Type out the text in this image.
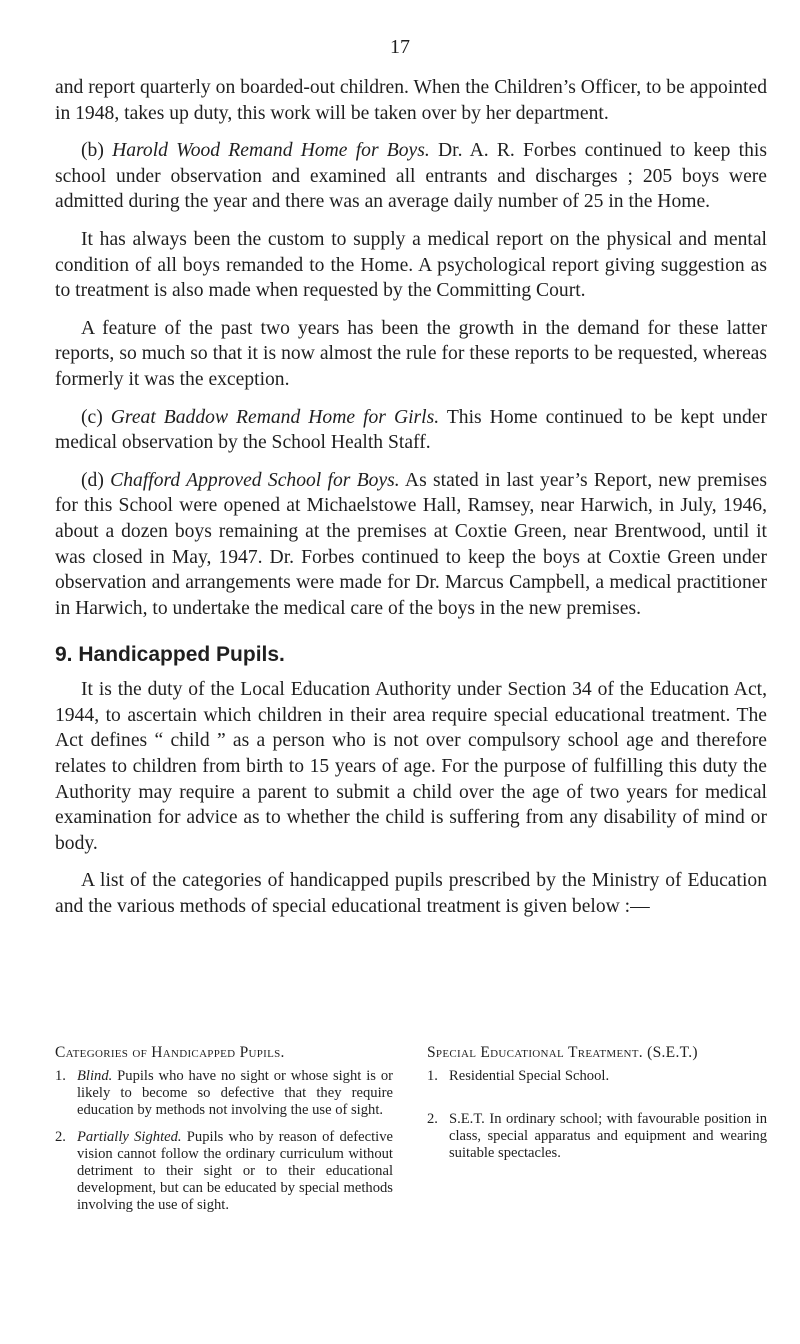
17

and report quarterly on boarded-out children. When the Children’s Officer, to be appointed in 1948, takes up duty, this work will be taken over by her department.

(b) Harold Wood Remand Home for Boys. Dr. A. R. Forbes continued to keep this school under observation and examined all entrants and discharges ; 205 boys were admitted during the year and there was an average daily number of 25 in the Home.

It has always been the custom to supply a medical report on the physical and mental condition of all boys remanded to the Home. A psychological report giving suggestion as to treatment is also made when requested by the Committing Court.

A feature of the past two years has been the growth in the demand for these latter reports, so much so that it is now almost the rule for these reports to be requested, whereas formerly it was the exception.

(c) Great Baddow Remand Home for Girls. This Home continued to be kept under medical observation by the School Health Staff.

(d) Chafford Approved School for Boys. As stated in last year’s Report, new premises for this School were opened at Michaelstowe Hall, Ramsey, near Harwich, in July, 1946, about a dozen boys remaining at the premises at Coxtie Green, near Brentwood, until it was closed in May, 1947. Dr. Forbes continued to keep the boys at Coxtie Green under observation and arrangements were made for Dr. Marcus Campbell, a medical practitioner in Harwich, to undertake the medical care of the boys in the new premises.

9. Handicapped Pupils.

It is the duty of the Local Education Authority under Section 34 of the Education Act, 1944, to ascertain which children in their area require special educational treatment. The Act defines “ child ” as a person who is not over compulsory school age and therefore relates to children from birth to 15 years of age. For the purpose of fulfilling this duty the Authority may require a parent to submit a child over the age of two years for medical examination for advice as to whether the child is suffering from any disability of mind or body.

A list of the categories of handicapped pupils prescribed by the Ministry of Education and the various methods of special educational treatment is given below :—

Categories of Handicapped Pupils.
1. Blind. Pupils who have no sight or whose sight is or likely to become so defective that they require education by methods not involving the use of sight.
2. Partially Sighted. Pupils who by reason of defective vision cannot follow the ordinary curriculum without detriment to their sight or to their educational development, but can be educated by special methods involving the use of sight.
Special Educational Treatment. (S.E.T.)
1. Residential Special School.
2. S.E.T. In ordinary school; with favourable position in class, special apparatus and equipment and wearing suitable spectacles.
